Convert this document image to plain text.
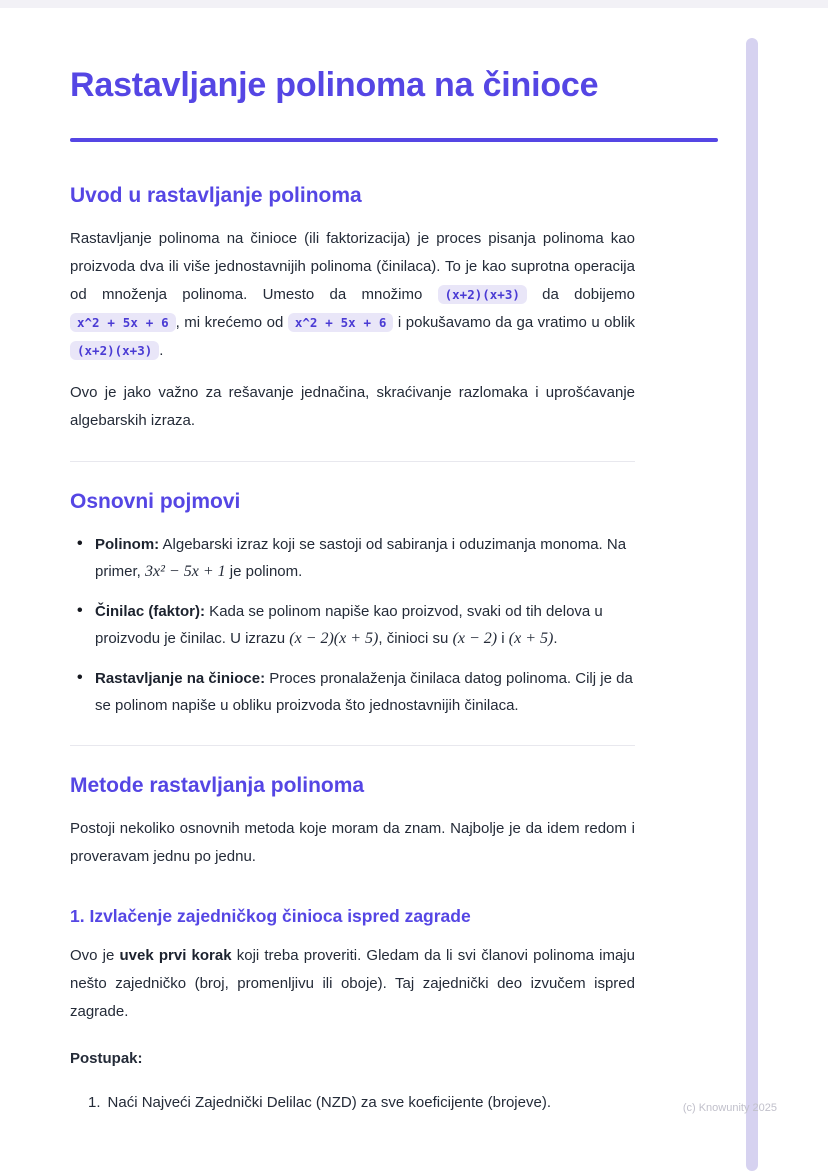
Rastavljanje polinoma na činioce
Uvod u rastavljanje polinoma

Rastavljanje polinoma na činioce (ili faktorizacija) je proces pisanja polinoma kao proizvoda dva ili više jednostavnijih polinoma (činilaca). To je kao suprotna operacija od množenja polinoma. Umesto da množimo (x+2)(x+3) da dobijemo x^2 + 5x + 6 , mi krećemo od x^2 + 5x + 6 i pokušavamo da ga vratimo u oblik (x+2)(x+3) .

Ovo je jako važno za rešavanje jednačina, skraćivanje razlomaka i uprošćavanje algebarskih izraza.

Osnovni pojmovi
• Polinom: Algebarski izraz koji se sastoji od sabiranja i oduzimanja monoma. Na primer, 3x² − 5x + 1 je polinom.
• Činilac (faktor): Kada se polinom napiše kao proizvod, svaki od tih delova u proizvodu je činilac. U izrazu (x − 2)(x + 5), činioci su (x − 2) i (x + 5).
• Rastavljanje na činioce: Proces pronalaženja činilaca datog polinoma. Cilj je da se polinom napiše u obliku proizvoda što jednostavnijih činilaca.
Metode rastavljanja polinoma

Postoji nekoliko osnovnih metoda koje moram da znam. Najbolje je da idem redom i proveravam jednu po jednu.

1. Izvlačenje zajedničkog činioca ispred zagrade

Ovo je uvek prvi korak koji treba proveriti. Gledam da li svi članovi polinoma imaju nešto zajedničko (broj, promenljivu ili oboje). Taj zajednički deo izvučem ispred zagrade.

Postupak:
1. Naći Najveći Zajednički Delilac (NZD) za sve koeficijente (brojeve).	(c) Knowunity 2025
